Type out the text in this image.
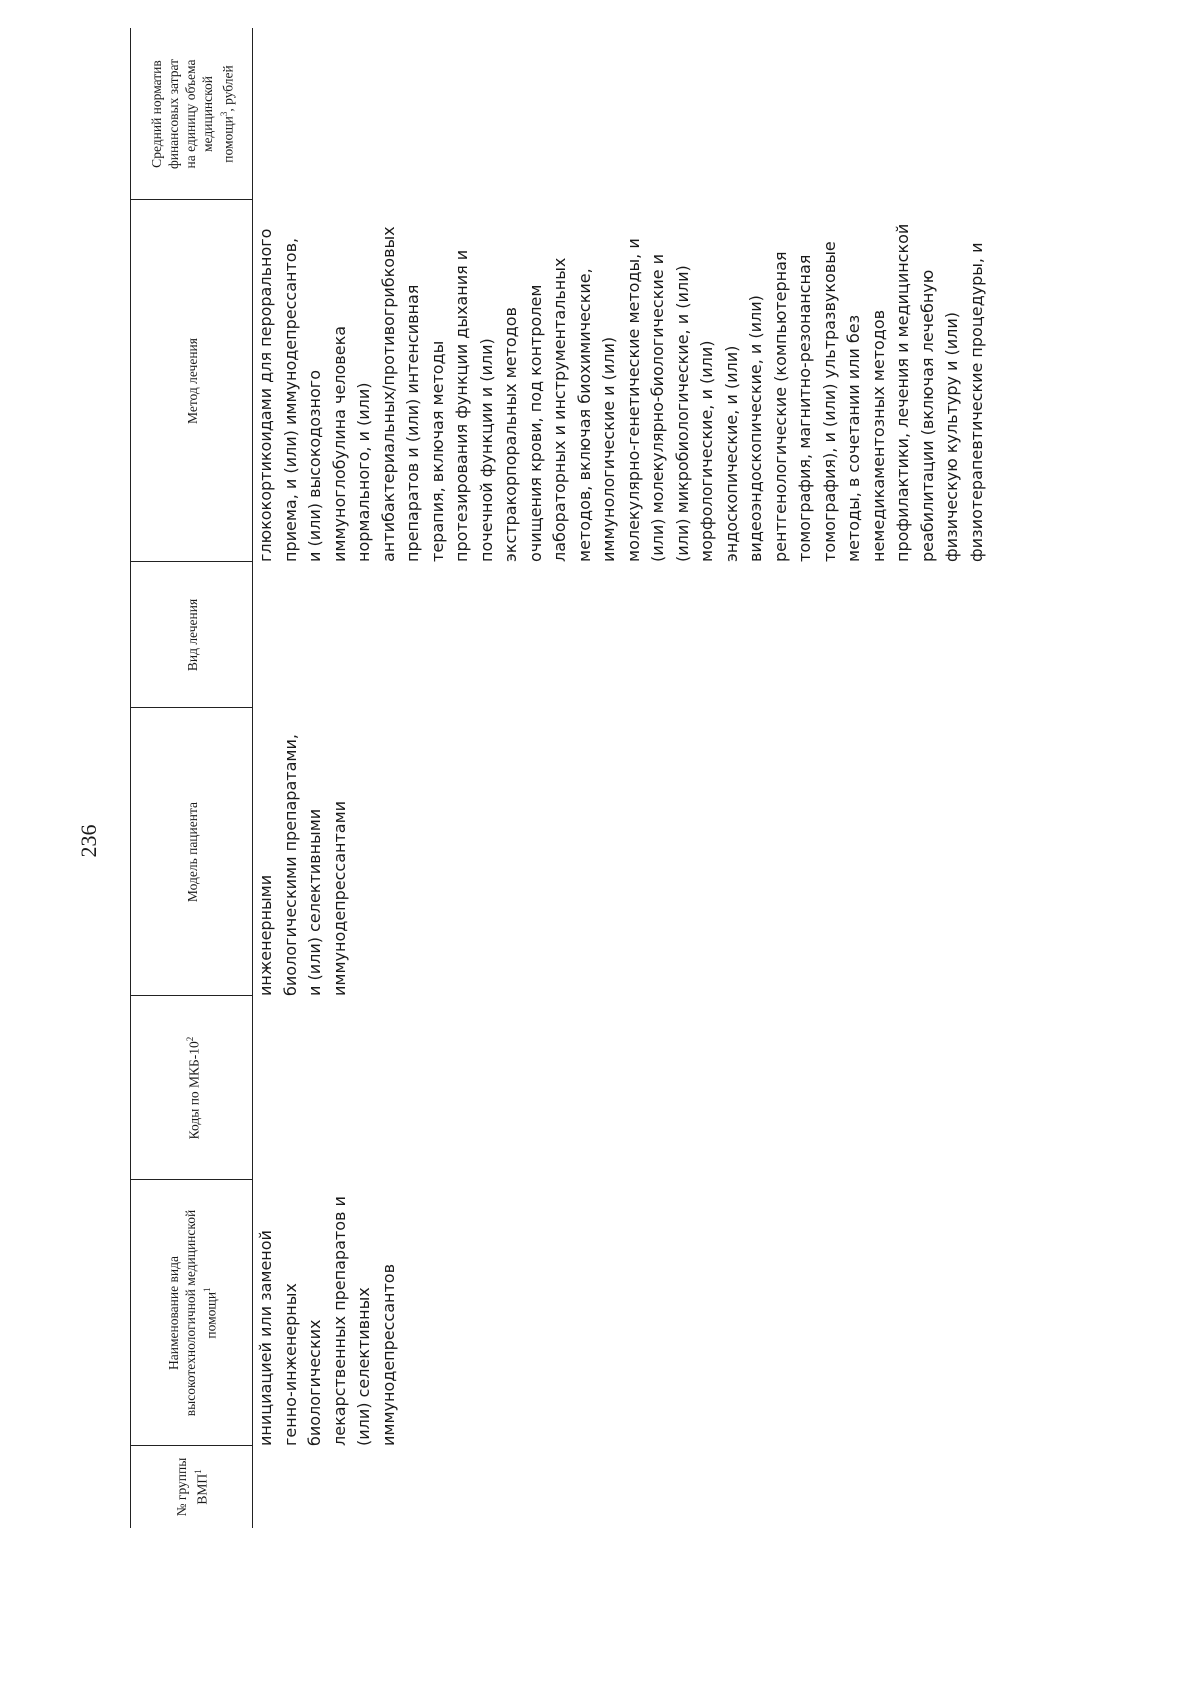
236
№ группы ВМП$^1$
Наименование вида высокотехнологичной медицинской помощи$^1$
Коды по МКБ-$10^2$
Модель пациента
Вид лечения
Метод лечения
Средний норматив финансовых затрат на единицу объема медицинской помощи$^3$, рублей
инициацией или заменой генно-инженерных биологических лекарственных препаратов и (или) селективных иммунодепрессантов
инженерными биологическими препаратами, и (или) селективными иммунодепрессантами
глюкокортикоидами для перорального приема, и (или) иммунодепрессантов, и (или) высокодозного иммуноглобулина человека нормального, и (или) антибактериальных/противогрибковых препаратов и (или) интенсивная терапия, включая методы протезирования функции дыхания и почечной функции и (или) экстракорпоральных методов очищения крови, под контролем лабораторных и инструментальных методов, включая биохимические, иммунологические и (или) молекулярно-генетические методы, и (или) молекулярно-биологические и (или) микробиологические, и (или) морфологические, и (или) эндоскопические, и (или) видеоэндоскопические, и (или) рентгенологические (компьютерная томография, магнитно-резонансная томография), и (или) ультразвуковые методы, в сочетании или без немедикаментозных методов профилактики, лечения и медицинской реабилитации (включая лечебную физическую культуру и (или) физиотерапевтические процедуры, и
